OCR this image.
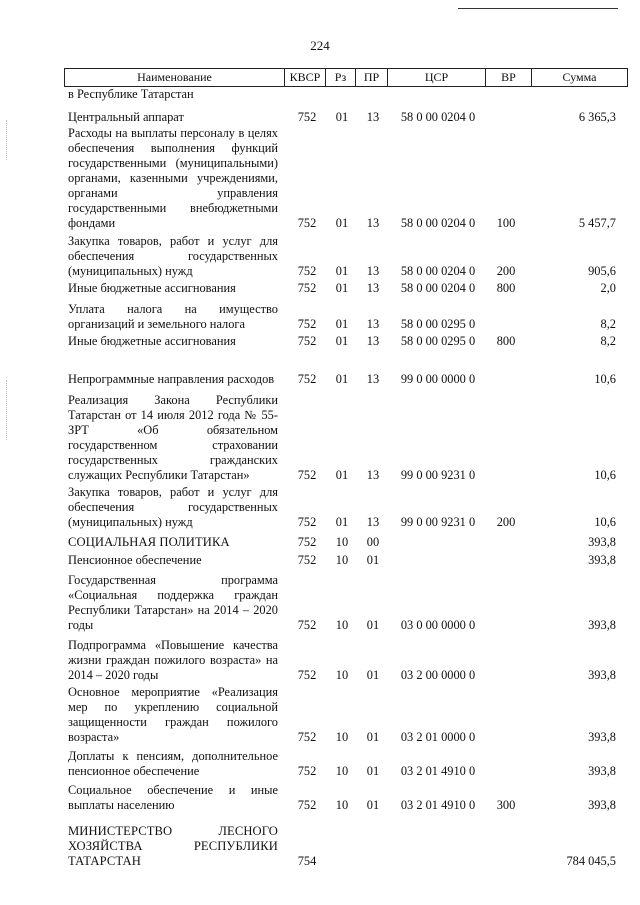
224
Наименование	КВСР	Рз	ПР	ЦСР	ВР	Сумма
в Республике Татарстан
Центральный аппарат	752	01	13	58 0 00 0204 0	6 365,3
Расходы на выплаты персоналу в целях обеспечения выполнения функций государственными (муниципальными) органами, казенными учреждениями, органами управления государственными внебюджетными фондами	752	01	13	58 0 00 0204 0	100	5 457,7
Закупка товаров, работ и услуг для обеспечения государственных (муниципальных) нужд	752	01	13	58 0 00 0204 0	200	905,6
Иные бюджетные ассигнования	752	01	13	58 0 00 0204 0	800	2,0
Уплата налога на имущество организаций и земельного налога	752	01	13	58 0 00 0295 0	8,2
Иные бюджетные ассигнования	752	01	13	58 0 00 0295 0	800	8,2
Непрограммные направления расходов	752	01	13	99 0 00 0000 0	10,6
Реализация Закона Республики Татарстан от 14 июля 2012 года № 55-ЗРТ «Об обязательном государственном страховании государственных гражданских служащих Республики Татарстан»	752	01	13	99 0 00 9231 0	10,6
Закупка товаров, работ и услуг для обеспечения государственных (муниципальных) нужд	752	01	13	99 0 00 9231 0	200	10,6
СОЦИАЛЬНАЯ ПОЛИТИКА	752	10	00	393,8
Пенсионное обеспечение	752	10	01	393,8
Государственная программа «Социальная поддержка граждан Республики Татарстан» на 2014 – 2020 годы	752	10	01	03 0 00 0000 0	393,8
Подпрограмма «Повышение качества жизни граждан пожилого возраста» на 2014 – 2020 годы	752	10	01	03 2 00 0000 0	393,8
Основное мероприятие «Реализация мер по укреплению социальной защищенности граждан пожилого возраста»	752	10	01	03 2 01 0000 0	393,8
Доплаты к пенсиям, дополнительное пенсионное обеспечение	752	10	01	03 2 01 4910 0	393,8
Социальное обеспечение и иные выплаты населению	752	10	01	03 2 01 4910 0	300	393,8
МИНИСТЕРСТВО ЛЕСНОГО ХОЗЯЙСТВА РЕСПУБЛИКИ ТАТАРСТАН	754	784 045,5
